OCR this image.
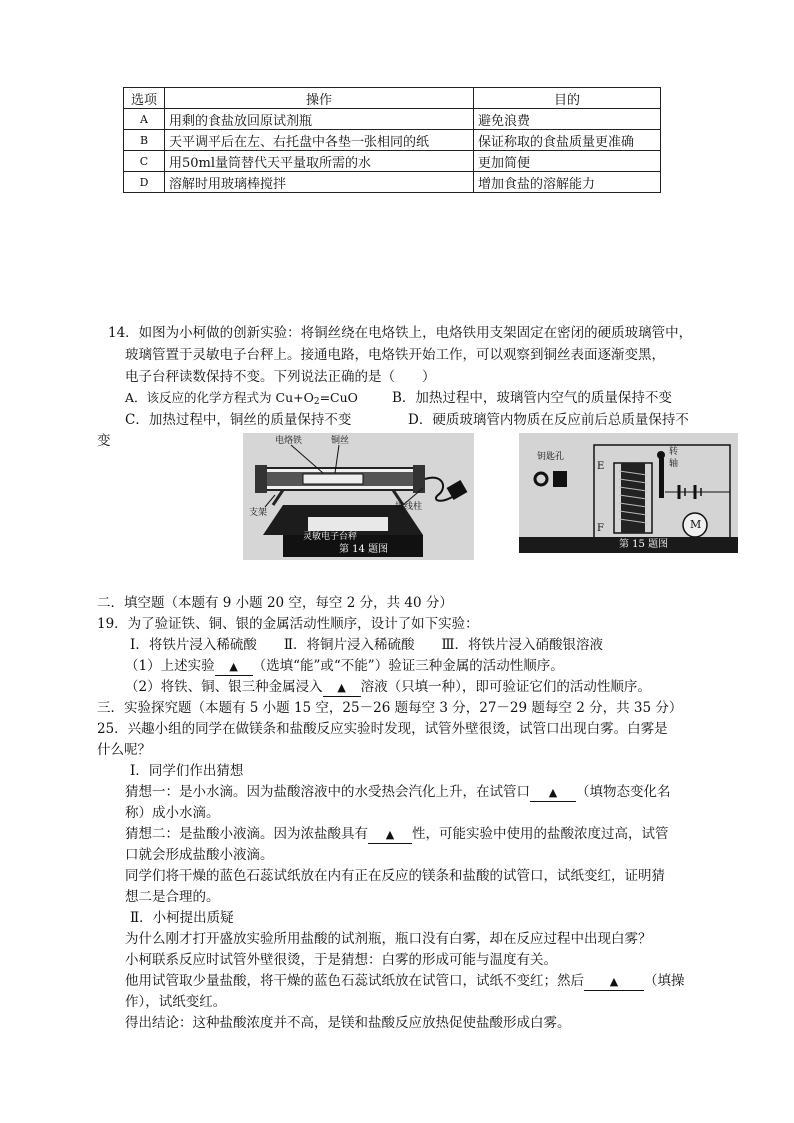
选项	操作	目的
A	用剩的食盐放回原试剂瓶	避免浪费
B	天平调平后在左、右托盘中各垫一张相同的纸	保证称取的食盐质量更准确
C	用50ml量筒替代天平量取所需的水	更加简便
D	溶解时用玻璃棒搅拌	增加食盐的溶解能力
14．如图为小柯做的创新实验：将铜丝绕在电烙铁上，电烙铁用支架固定在密闭的硬质玻璃管中，
玻璃管置于灵敏电子台秤上。接通电路，电烙铁开始工作，可以观察到铜丝表面逐渐变黑，
电子台秤读数保持不变。下列说法正确的是（　　）
A．该反应的化学方程式为 $Cu+O_2=CuO$	B．加热过程中，玻璃管内空气的质量保持不变
C．加热过程中，铜丝的质量保持不变	D．硬质玻璃管内物质在反应前后总质量保持不
变	电烙铁	铜丝
支架
接线柱
灵敏电子台秤
第 14 题图
钥匙孔
E
F
转
轴
M
第 15 题图
二．填空题（本题有 9 小题 20 空，每空 2 分，共 40 分）
19．为了验证铁、铜、银的金属活动性顺序，设计了如下实验：
Ⅰ．将铁片浸入稀硫酸　　Ⅱ．将铜片浸入稀硫酸　　Ⅲ．将铁片浸入硝酸银溶液
（1）上述实验 ▲ （选填“能”或“不能”）验证三种金属的活动性顺序。
（2）将铁、铜、银三种金属浸入 ▲ 溶液（只填一种），即可验证它们的活动性顺序。
三．实验探究题（本题有 5 小题 15 空，25－26 题每空 3 分，27－29 题每空 2 分，共 35 分）
25．兴趣小组的同学在做镁条和盐酸反应实验时发现，试管外壁很烫，试管口出现白雾。白雾是
什么呢？
Ⅰ．同学们作出猜想
猜想一：是小水滴。因为盐酸溶液中的水受热会汽化上升，在试管口 ▲ （填物态变化名
称）成小水滴。
猜想二：是盐酸小液滴。因为浓盐酸具有 ▲ 性，可能实验中使用的盐酸浓度过高，试管
口就会形成盐酸小液滴。
同学们将干燥的蓝色石蕊试纸放在内有正在反应的镁条和盐酸的试管口，试纸变红，证明猜
想二是合理的。
Ⅱ．小柯提出质疑
为什么刚才打开盛放实验所用盐酸的试剂瓶，瓶口没有白雾，却在反应过程中出现白雾？
小柯联系反应时试管外壁很烫，于是猜想：白雾的形成可能与温度有关。
他用试管取少量盐酸，将干燥的蓝色石蕊试纸放在试管口，试纸不变红；然后 ▲ （填操
作），试纸变红。
得出结论：这种盐酸浓度并不高，是镁和盐酸反应放热促使盐酸形成白雾。
